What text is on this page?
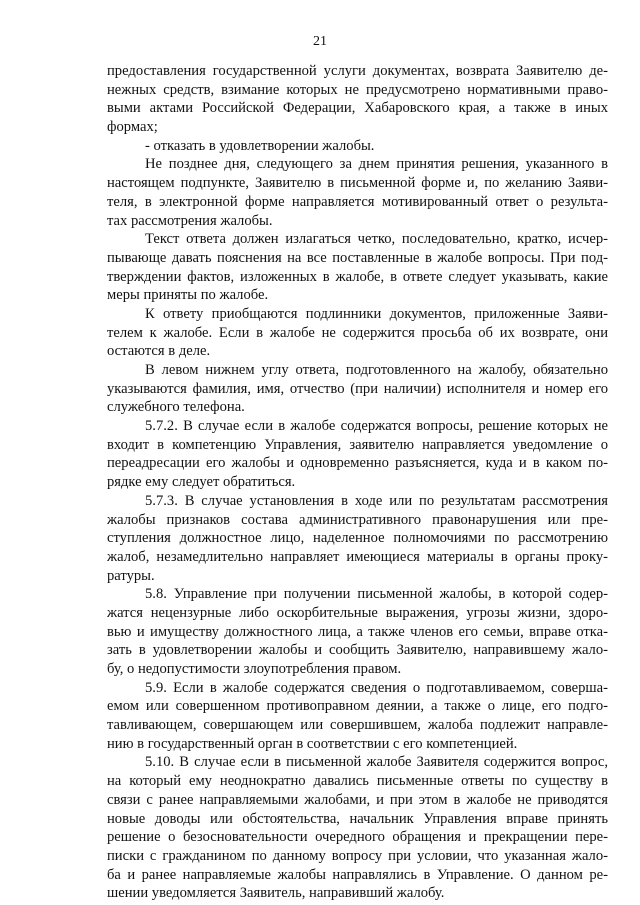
21
предоставления государственной услуги документах, возврата Заявителю де-
нежных средств, взимание которых не предусмотрено нормативными право-
выми актами Российской Федерации, Хабаровского края, а также в иных
формах;
- отказать в удовлетворении жалобы.
Не позднее дня, следующего за днем принятия решения, указанного в
настоящем подпункте, Заявителю в письменной форме и, по желанию Заяви-
теля, в электронной форме направляется мотивированный ответ о результа-
тах рассмотрения жалобы.
Текст ответа должен излагаться четко, последовательно, кратко, исчер-
пывающе давать пояснения на все поставленные в жалобе вопросы. При под-
тверждении фактов, изложенных в жалобе, в ответе следует указывать, какие
меры приняты по жалобе.
К ответу приобщаются подлинники документов, приложенные Заяви-
телем к жалобе. Если в жалобе не содержится просьба об их возврате, они
остаются в деле.
В левом нижнем углу ответа, подготовленного на жалобу, обязательно
указываются фамилия, имя, отчество (при наличии) исполнителя и номер его
служебного телефона.
5.7.2. В случае если в жалобе содержатся вопросы, решение которых не
входит в компетенцию Управления, заявителю направляется уведомление о
переадресации его жалобы и одновременно разъясняется, куда и в каком по-
рядке ему следует обратиться.
5.7.3. В случае установления в ходе или по результатам рассмотрения
жалобы признаков состава административного правонарушения или пре-
ступления должностное лицо, наделенное полномочиями по рассмотрению
жалоб, незамедлительно направляет имеющиеся материалы в органы проку-
ратуры.
5.8. Управление при получении письменной жалобы, в которой содер-
жатся нецензурные либо оскорбительные выражения, угрозы жизни, здоро-
вью и имуществу должностного лица, а также членов его семьи, вправе отка-
зать в удовлетворении жалобы и сообщить Заявителю, направившему жало-
бу, о недопустимости злоупотребления правом.
5.9. Если в жалобе содержатся сведения о подготавливаемом, соверша-
емом или совершенном противоправном деянии, а также о лице, его подго-
тавливающем, совершающем или совершившем, жалоба подлежит направле-
нию в государственный орган в соответствии с его компетенцией.
5.10. В случае если в письменной жалобе Заявителя содержится вопрос,
на который ему неоднократно давались письменные ответы по существу в
связи с ранее направляемыми жалобами, и при этом в жалобе не приводятся
новые доводы или обстоятельства, начальник Управления вправе принять
решение о безосновательности очередного обращения и прекращении пере-
писки с гражданином по данному вопросу при условии, что указанная жало-
ба и ранее направляемые жалобы направлялись в Управление. О данном ре-
шении уведомляется Заявитель, направивший жалобу.
